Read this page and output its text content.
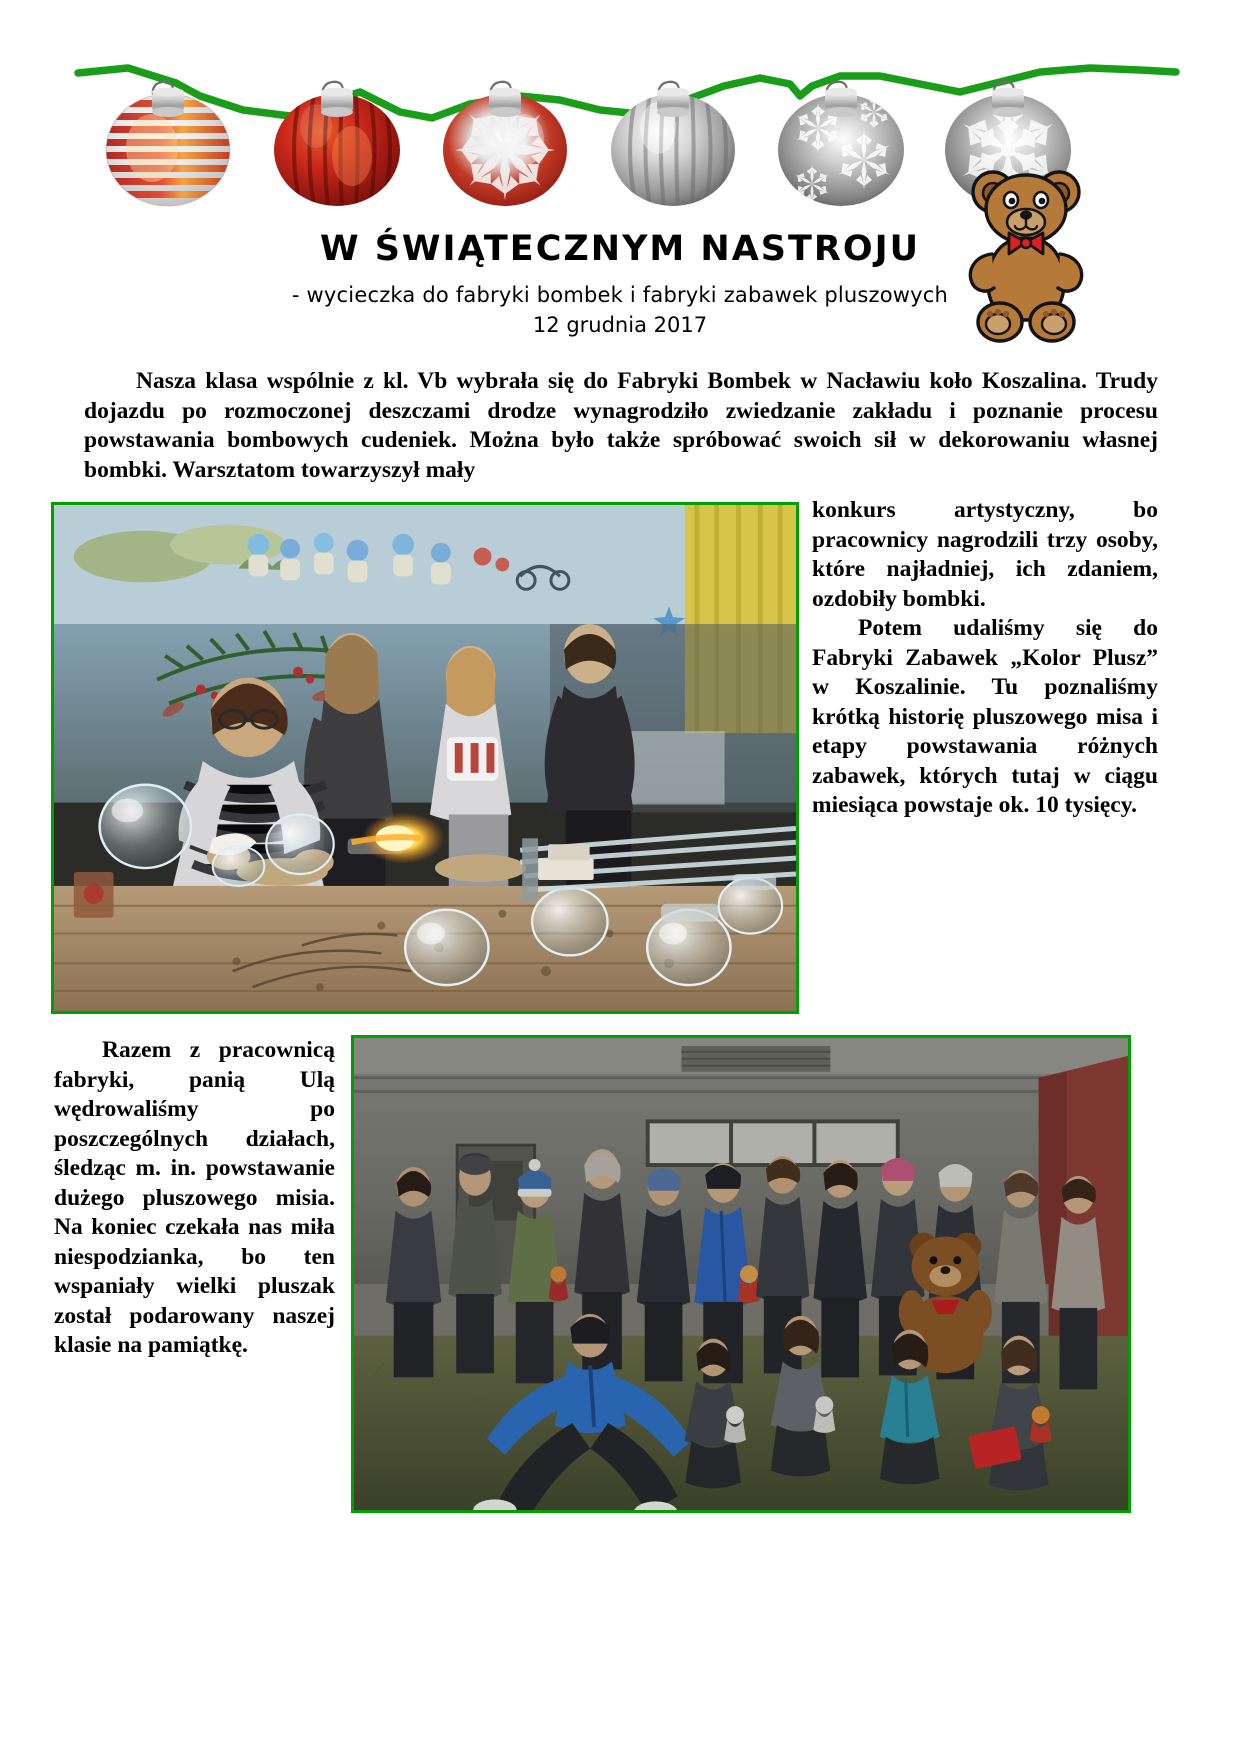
W ŚWIĄTECZNYM NASTROJU
- wycieczka do fabryki bombek i fabryki zabawek pluszowych
12 grudnia 2017

Nasza klasa wspólnie z kl. Vb wybrała się do Fabryki Bombek w Nacławiu koło Koszalina. Trudy dojazdu po rozmoczonej deszczami drodze wynagrodziło zwiedzanie zakładu i poznanie procesu powstawania bombowych cudeniek. Można było także spróbować swoich sił w dekorowaniu własnej bombki. Warsztatom towarzyszył mały

konkurs artystyczny, bo pracownicy nagrodzili trzy osoby, które najładniej, ich zdaniem, ozdobiły bombki.

Potem udaliśmy się do Fabryki Zabawek „Kolor Plusz” w Koszalinie. Tu poznaliśmy krótką historię pluszowego misa i etapy powstawania różnych zabawek, których tutaj w ciągu miesiąca powstaje ok. 10 tysięcy.

Razem z pracownicą fabryki, panią Ulą wędrowaliśmy po poszczególnych działach, śledząc m. in. powstawanie dużego pluszowego misia. Na koniec czekała nas miła niespodzianka, bo ten wspaniały wielki pluszak został podarowany naszej klasie na pamiątkę.
